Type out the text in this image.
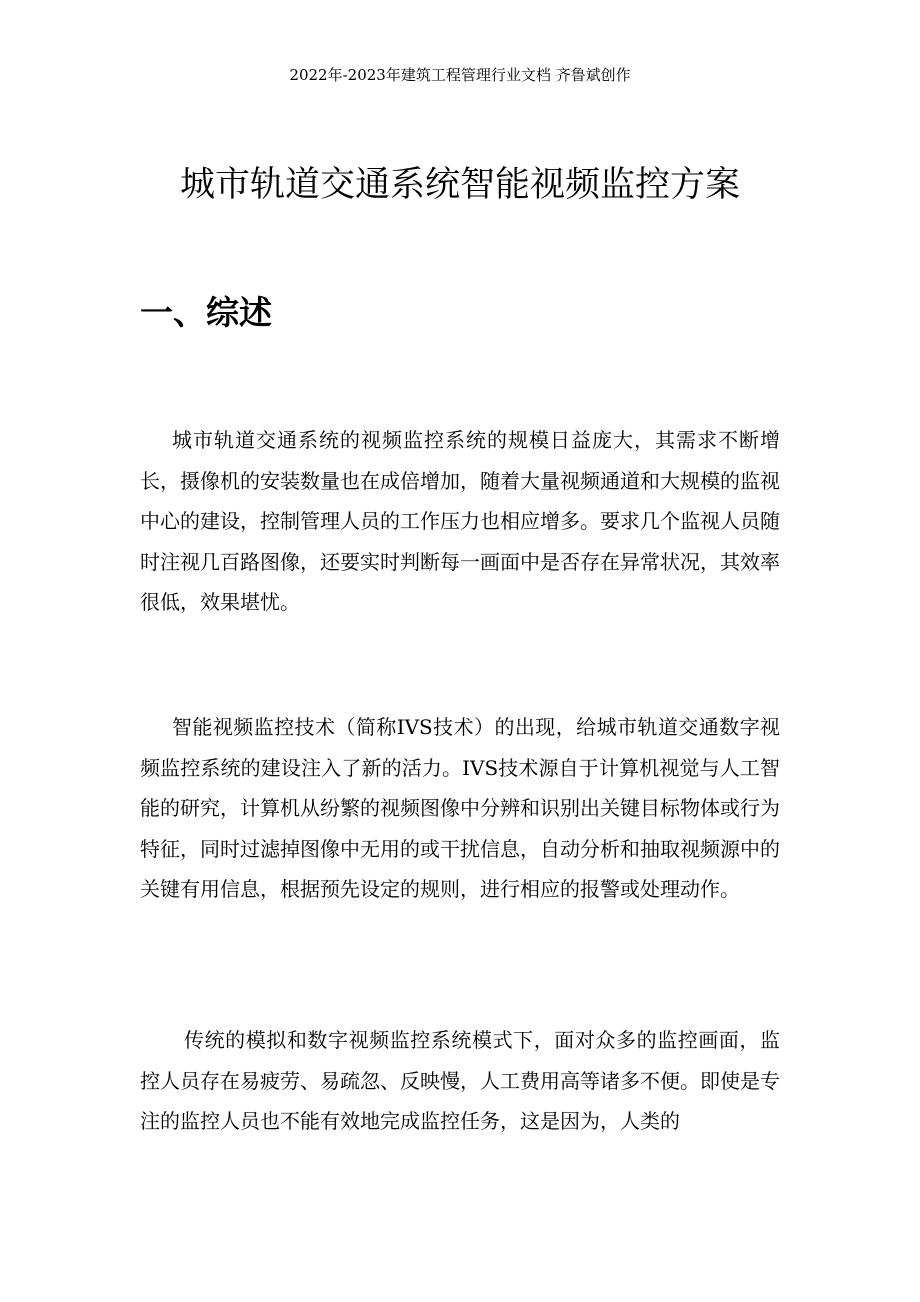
2022年-2023年建筑工程管理行业文档 齐鲁斌创作
城市轨道交通系统智能视频监控方案
一、综述

城市轨道交通系统的视频监控系统的规模日益庞大，其需求不断增长，摄像机的安装数量也在成倍增加，随着大量视频通道和大规模的监视中心的建设，控制管理人员的工作压力也相应增多。要求几个监视人员随时注视几百路图像，还要实时判断每一画面中是否存在异常状况，其效率很低，效果堪忧。

智能视频监控技术（简称IVS技术）的出现，给城市轨道交通数字视频监控系统的建设注入了新的活力。IVS技术源自于计算机视觉与人工智能的研究，计算机从纷繁的视频图像中分辨和识别出关键目标物体或行为特征，同时过滤掉图像中无用的或干扰信息，自动分析和抽取视频源中的关键有用信息，根据预先设定的规则，进行相应的报警或处理动作。

传统的模拟和数字视频监控系统模式下，面对众多的监控画面，监控人员存在易疲劳、易疏忽、反映慢，人工费用高等诸多不便。即使是专注的监控人员也不能有效地完成监控任务，这是因为，人类的
